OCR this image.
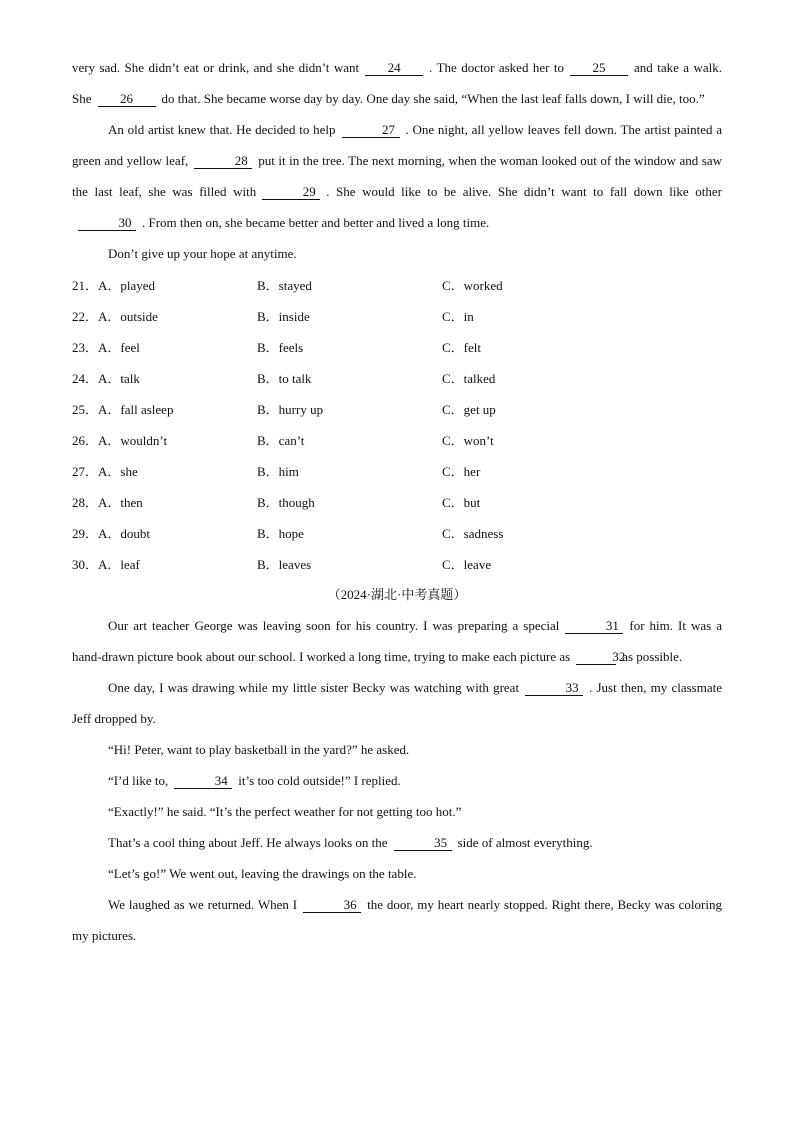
very sad. She didn’t eat or drink, and she didn’t want 24 . The doctor asked her to 25 and take a walk. She 26 do that. She became worse day by day. One day she said, “When the last leaf falls down, I will die, too.”

An old artist knew that. He decided to help	27 . One night, all yellow leaves fell down. The artist painted a green and yellow leaf,	28 put it in the tree. The next morning, when the woman looked out of the window and saw the last leaf, she was filled with	29 . She would like to be alive. She didn’t want to fall down like other30 . From then on, she became better and better and lived a long time.

Don’t give up your hope at anytime.

21．A．played	B．stayed	C．worked
22．A．outside	B．inside	C．in
23．A．feel	B．feels	C．felt
24．A．talk	B．to talk	C．talked
25．A．fall asleep	B．hurry up	C．get up
26．A．wouldn’t	B．can’t	C．won’t
27．A．she	B．him	C．her
28．A．then	B．though	C．but
29．A．doubt	B．hope	C．sadness
30．A．leaf	B．leaves	C．leave

（2024·湖北·中考真题）

Our art teacher George was leaving soon for his country. I was preparing a special	31 for him. It was a hand-drawn picture book about our school. I worked a long time, trying to make each picture as	32as possible.

One day, I was drawing while my little sister Becky was watching with great	33 . Just then, my classmate Jeff dropped by.

“Hi! Peter, want to play basketball in the yard?” he asked.

“I’d like to,	34 it’s too cold outside!” I replied.

“Exactly!” he said. “It’s the perfect weather for not getting too hot.”

That’s a cool thing about Jeff. He always looks on the	35 side of almost everything.

“Let’s go!” We went out, leaving the drawings on the table.

We laughed as we returned. When I	36 the door, my heart nearly stopped. Right there, Becky was coloring my pictures.
